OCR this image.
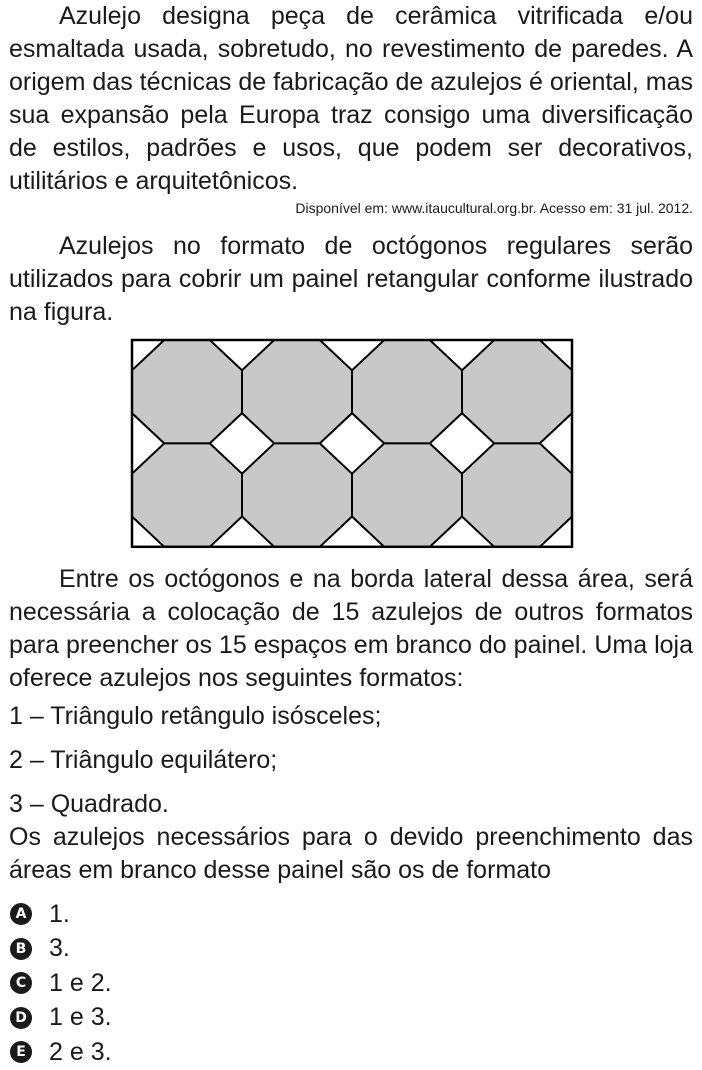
Azulejo designa peça de cerâmica vitrificada e/ou esmaltada usada, sobretudo, no revestimento de paredes. A origem das técnicas de fabricação de azulejos é oriental, mas sua expansão pela Europa traz consigo uma diversificação de estilos, padrões e usos, que podem ser decorativos, utilitários e arquitetônicos.

Disponível em: www.itaucultural.org.br. Acesso em: 31 jul. 2012.

Azulejos no formato de octógonos regulares serão utilizados para cobrir um painel retangular conforme ilustrado na figura.

Entre os octógonos e na borda lateral dessa área, será necessária a colocação de 15 azulejos de outros formatos para preencher os 15 espaços em branco do painel. Uma loja oferece azulejos nos seguintes formatos:

1 – Triângulo retângulo isósceles;
2 – Triângulo equilátero;
3 – Quadrado.

Os azulejos necessários para o devido preenchimento das áreas em branco desse painel são os de formato

A 1.
B 3.
C 1 e 2.
D 1 e 3.
E 2 e 3.
